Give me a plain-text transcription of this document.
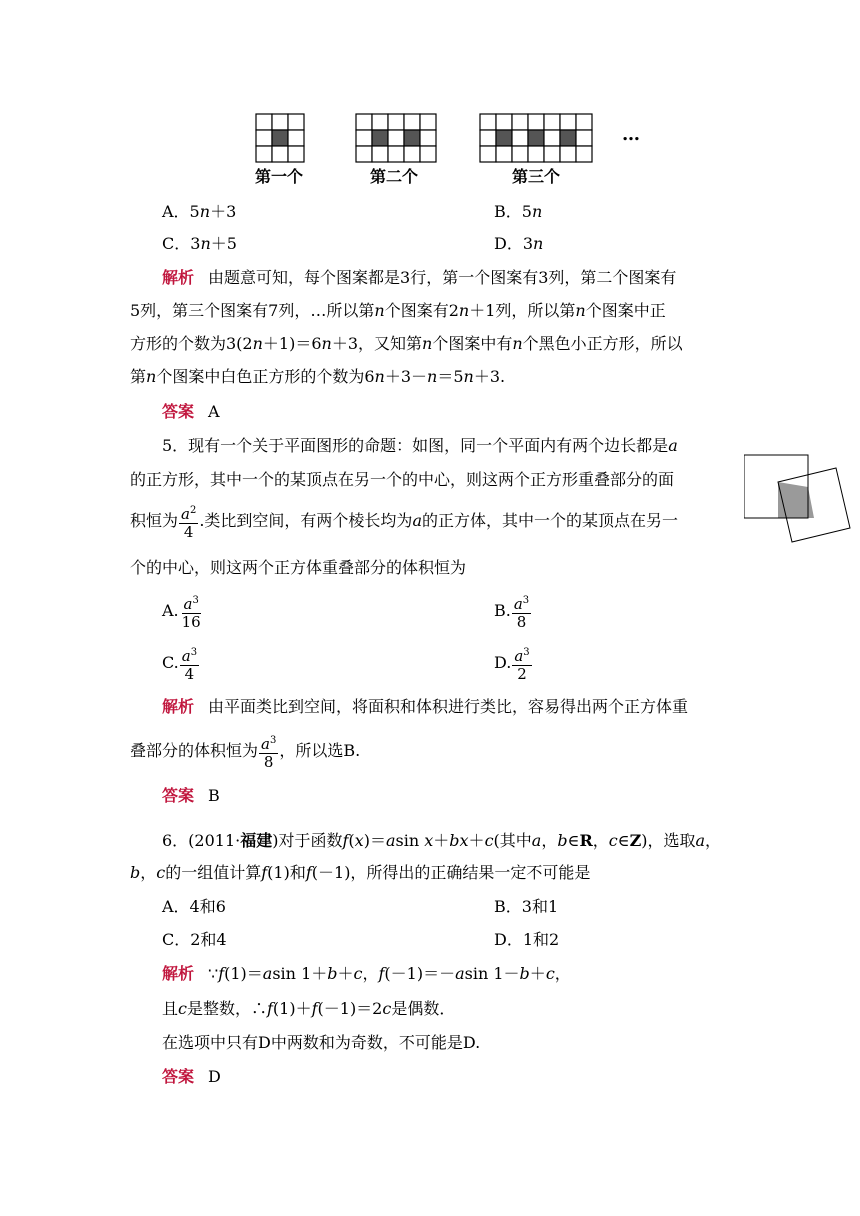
第一个	第二个	第三个
…
A．5n＋3	B．5n
C．3n＋5	D．3n
解析 由题意可知，每个图案都是3行，第一个图案有3列，第二个图案有
5列，第三个图案有7列，…所以第n个图案有2n＋1列，所以第n个图案中正
方形的个数为3(2n＋1)＝6n＋3，又知第n个图案中有n个黑色小正方形，所以
第n个图案中白色正方形的个数为6n＋3－n＝5n＋3.
答案 A
5．现有一个关于平面图形的命题：如图，同一个平面内有两个边长都是a
的正方形，其中一个的某顶点在另一个的中心，则这两个正方形重叠部分的面
积恒为 $\frac{a^2}{4}$ .类比到空间，有两个棱长均为a的正方体，其中一个的某顶点在另一
个的中心，则这两个正方体重叠部分的体积恒为
A. $\frac{a^3}{16}$	B. $\frac{a^3}{8}$
C. $\frac{a^3}{4}$	D. $\frac{a^3}{2}$
解析 由平面类比到空间，将面积和体积进行类比，容易得出两个正方体重
叠部分的体积恒为 $\frac{a^3}{8}$ ，所以选B.
答案 B
6．(2011·福建)对于函数f(x)＝asin x＋bx＋c(其中a，b∈R，c∈Z)，选取a，
b，c的一组值计算f(1)和f(－1)，所得出的正确结果一定不可能是
A．4和6	B．3和1
C．2和4	D．1和2
解析 ∵f(1)＝asin 1＋b＋c，f(－1)＝－asin 1－b＋c，
且c是整数，∴f(1)＋f(－1)＝2c是偶数．
在选项中只有D中两数和为奇数，不可能是D.
答案 D
